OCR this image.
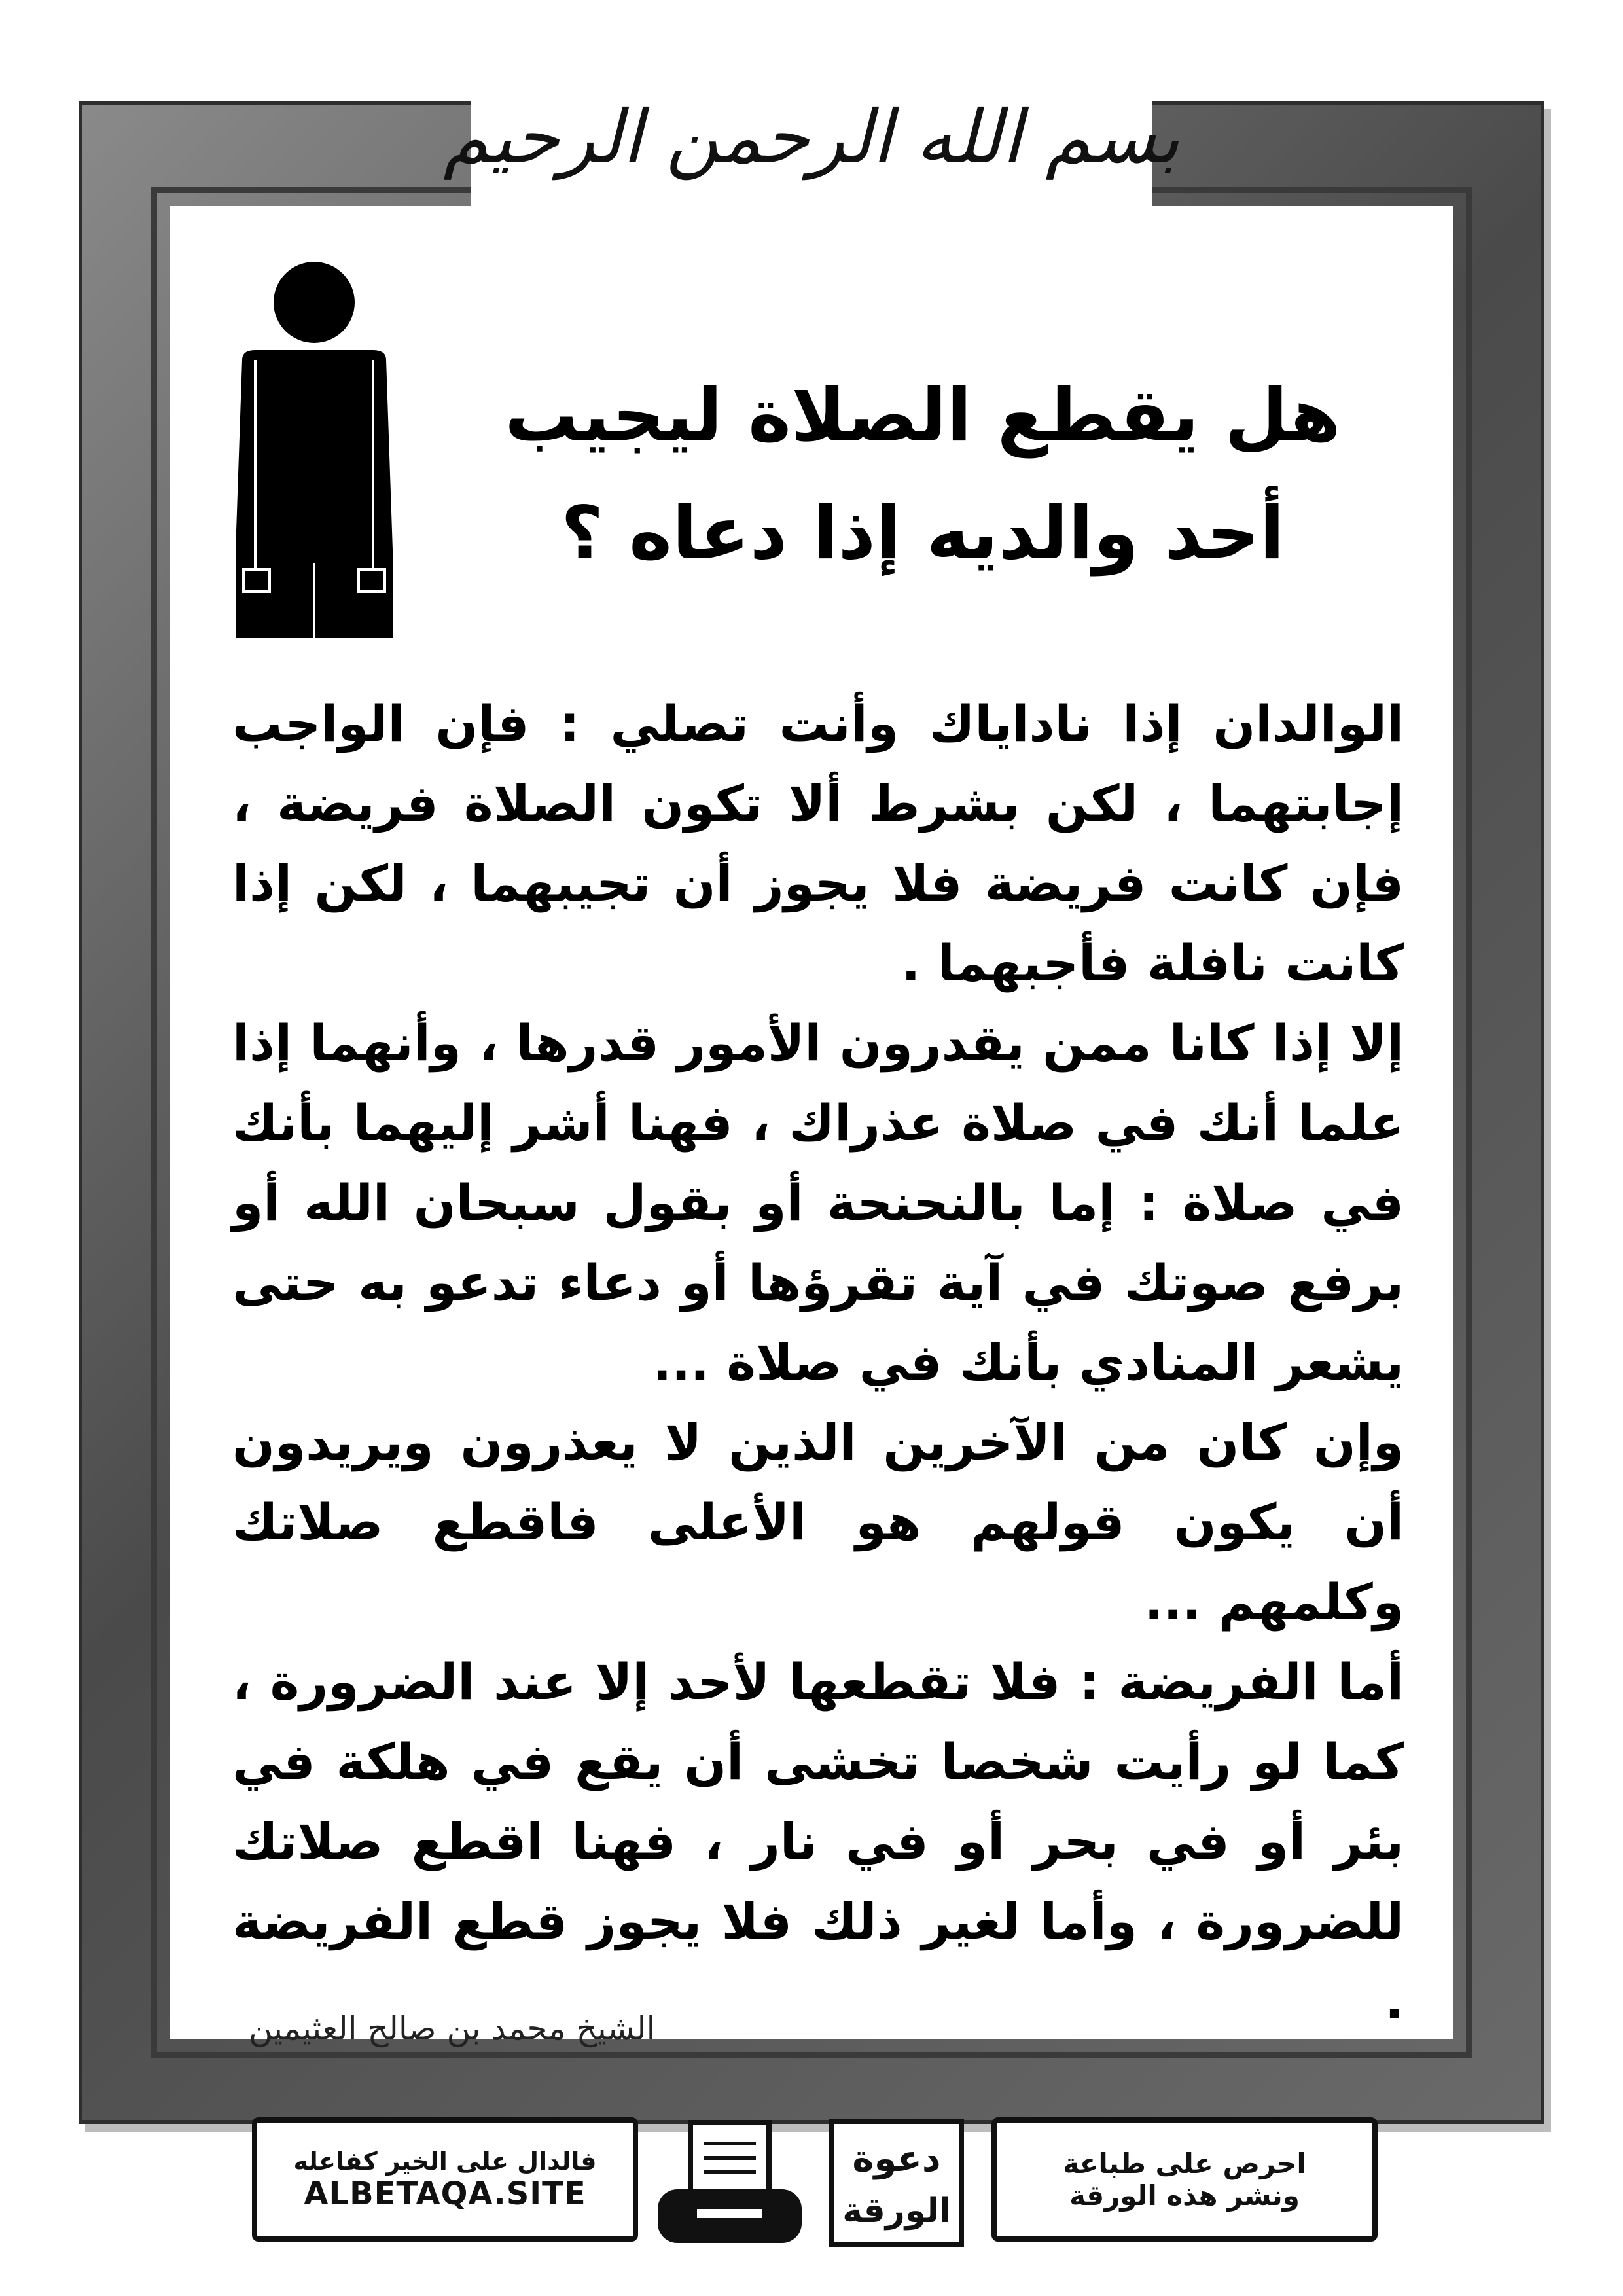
بسم الله الرحمن الرحيم
هل يقطع الصلاة ليجيب
أحد والديه إذا دعاه ؟

الوالدان إذا ناداياك وأنت تصلي : فإن الواجب إجابتهما ، لكن بشرط ألا تكون الصلاة فريضة ، فإن كانت فريضة فلا يجوز أن تجيبهما ، لكن إذا كانت نافلة فأجبهما .

إلا إذا كانا ممن يقدرون الأمور قدرها ، وأنهما إذا علما أنك في صلاة عذراك ، فهنا أشر إليهما بأنك في صلاة : إما بالنحنحة أو بقول سبحان الله أو برفع صوتك في آية تقرؤها أو دعاء تدعو به حتى يشعر المنادي بأنك في صلاة ...

وإن كان من الآخرين الذين لا يعذرون ويريدون أن يكون قولهم هو الأعلى فاقطع صلاتك وكلمهم ...

أما الفريضة : فلا تقطعها لأحد إلا عند الضرورة ، كما لو رأيت شخصا تخشى أن يقع في هلكة في بئر أو في بحر أو في نار ، فهنا اقطع صلاتك للضرورة ، وأما لغير ذلك فلا يجوز قطع الفريضة .

الشيخ محمد بن صالح العثيمين
فالدال على الخير كفاعله
ALBETAQA.SITE
دعوة
الورقة
احرص على طباعة
ونشر هذه الورقة
